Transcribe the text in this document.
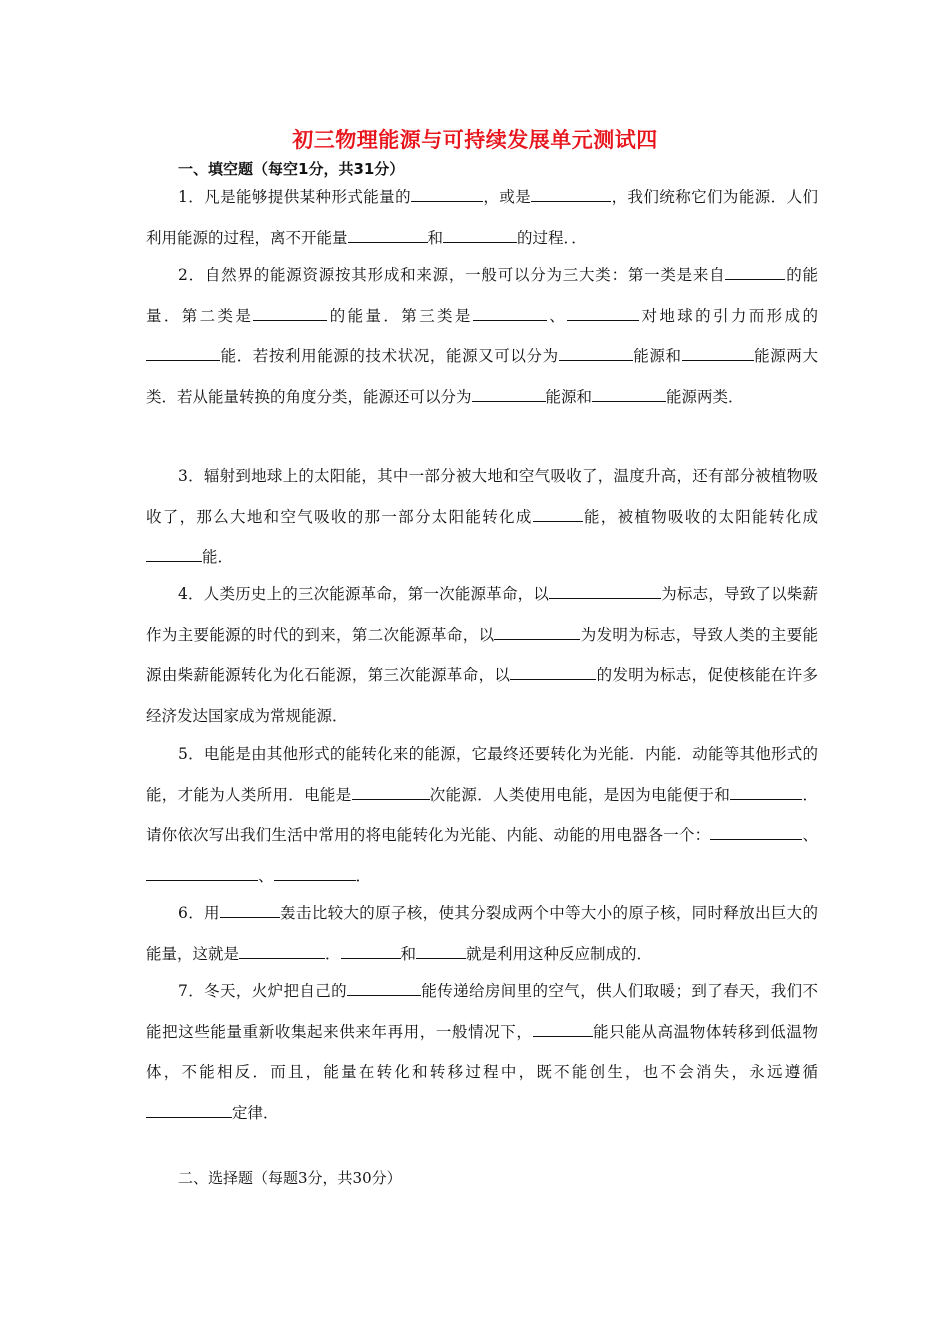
初三物理能源与可持续发展单元测试四
一、填空题（每空1分，共31分）

1．凡是能够提供某种形式能量的	，或是	，我们统称它们为能源．人们利用能源的过程，离不开能量	和	的过程．．

2．自然界的能源资源按其形成和来源，一般可以分为三大类：第一类是来自	的能量．第二类是	的能量．第三类是	、	对地球的引力而形成的能．若按利用能源的技术状况，能源又可以分为	能源和	能源两大类．若从能量转换的角度分类，能源还可以分为	能源和	能源两类．

3．辐射到地球上的太阳能，其中一部分被大地和空气吸收了，温度升高，还有部分被植物吸收了，那么大地和空气吸收的那一部分太阳能转化成	能，被植物吸收的太阳能转化成能．

4．人类历史上的三次能源革命，第一次能源革命，以	为标志，导致了以柴薪作为主要能源的时代的到来，第二次能源革命，以	为发明为标志，导致人类的主要能源由柴薪能源转化为化石能源，第三次能源革命，以	的发明为标志，促使核能在许多经济发达国家成为常规能源．

5．电能是由其他形式的能转化来的能源，它最终还要转化为光能．内能．动能等其他形式的能，才能为人类所用．电能是	次能源．人类使用电能，是因为电能便于和	．请你依次写出我们生活中常用的将电能转化为光能、内能、动能的用电器各一个：	、、	．

6．用	轰击比较大的原子核，使其分裂成两个中等大小的原子核，同时释放出巨大的能量，这就是	．	和	就是利用这种反应制成的．

7．冬天，火炉把自己的	能传递给房间里的空气，供人们取暖；到了春天，我们不能把这些能量重新收集起来供来年再用，一般情况下，	能只能从高温物体转移到低温物体，不能相反．而且，能量在转化和转移过程中，既不能创生，也不会消失，永远遵循定律．

二、选择题（每题3分，共30分）
